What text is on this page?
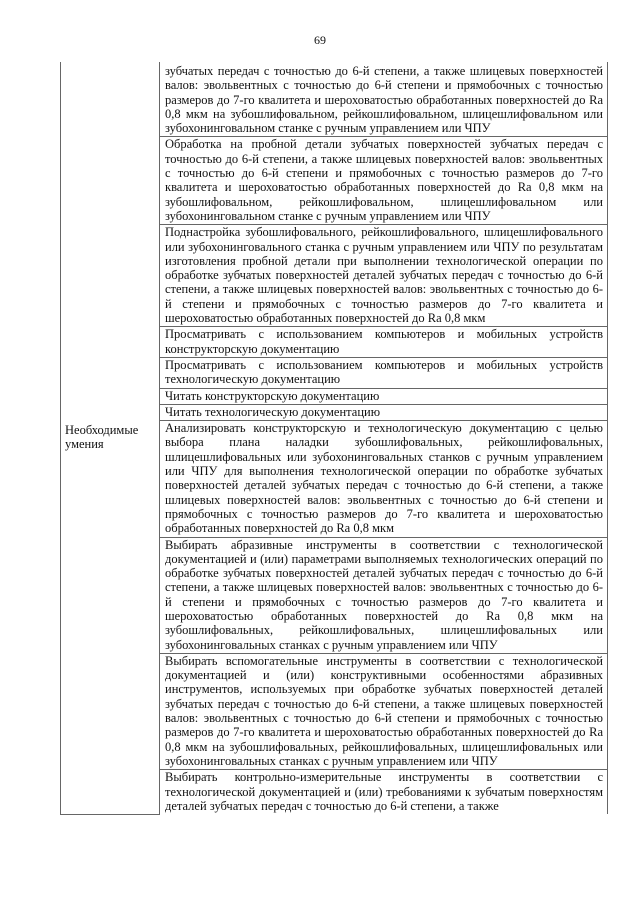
69
Необходимые умения	зубчатых передач с точностью до 6-й степени, а также шлицевых поверхностей валов: эвольвентных с точностью до 6-й степени и прямобочных с точностью размеров до 7-го квалитета и шероховатостью обработанных поверхностей до Ra 0,8 мкм на зубошлифовальном, рейкошлифовальном, шлицешлифовальном или зубохонинговальном станке с ручным управлением или ЧПУ
Обработка на пробной детали зубчатых поверхностей зубчатых передач с точностью до 6-й степени, а также шлицевых поверхностей валов: эвольвентных с точностью до 6-й степени и прямобочных с точностью размеров до 7-го квалитета и шероховатостью обработанных поверхностей до Ra 0,8 мкм на зубошлифовальном, рейкошлифовальном, шлицешлифовальном или зубохонинговальном станке с ручным управлением или ЧПУ
Поднастройка зубошлифовального, рейкошлифовального, шлицешлифовального или зубохонинговального станка с ручным управлением или ЧПУ по результатам изготовления пробной детали при выполнении технологической операции по обработке зубчатых поверхностей деталей зубчатых передач с точностью до 6-й степени, а также шлицевых поверхностей валов: эвольвентных с точностью до 6-й степени и прямобочных с точностью размеров до 7-го квалитета и шероховатостью обработанных поверхностей до Ra 0,8 мкм
Просматривать с использованием компьютеров и мобильных устройств конструкторскую документацию
Просматривать с использованием компьютеров и мобильных устройств технологическую документацию
Читать конструкторскую документацию
Читать технологическую документацию
Анализировать конструкторскую и технологическую документацию с целью выбора плана наладки зубошлифовальных, рейкошлифовальных, шлицешлифовальных или зубохонинговальных станков с ручным управлением или ЧПУ для выполнения технологической операции по обработке зубчатых поверхностей деталей зубчатых передач с точностью до 6-й степени, а также шлицевых поверхностей валов: эвольвентных с точностью до 6-й степени и прямобочных с точностью размеров до 7-го квалитета и шероховатостью обработанных поверхностей до Ra 0,8 мкм
Выбирать абразивные инструменты в соответствии с технологической документацией и (или) параметрами выполняемых технологических операций по обработке зубчатых поверхностей деталей зубчатых передач с точностью до 6-й степени, а также шлицевых поверхностей валов: эвольвентных с точностью до 6-й степени и прямобочных с точностью размеров до 7-го квалитета и шероховатостью обработанных поверхностей до Ra 0,8 мкм на зубошлифовальных, рейкошлифовальных, шлицешлифовальных или зубохонинговальных станках с ручным управлением или ЧПУ
Выбирать вспомогательные инструменты в соответствии с технологической документацией и (или) конструктивными особенностями абразивных инструментов, используемых при обработке зубчатых поверхностей деталей зубчатых передач с точностью до 6-й степени, а также шлицевых поверхностей валов: эвольвентных с точностью до 6-й степени и прямобочных с точностью размеров до 7-го квалитета и шероховатостью обработанных поверхностей до Ra 0,8 мкм на зубошлифовальных, рейкошлифовальных, шлицешлифовальных или зубохонинговальных станках с ручным управлением или ЧПУ
Выбирать контрольно-измерительные инструменты в соответствии с технологической документацией и (или) требованиями к зубчатым поверхностям деталей зубчатых передач с точностью до 6-й степени, а также
